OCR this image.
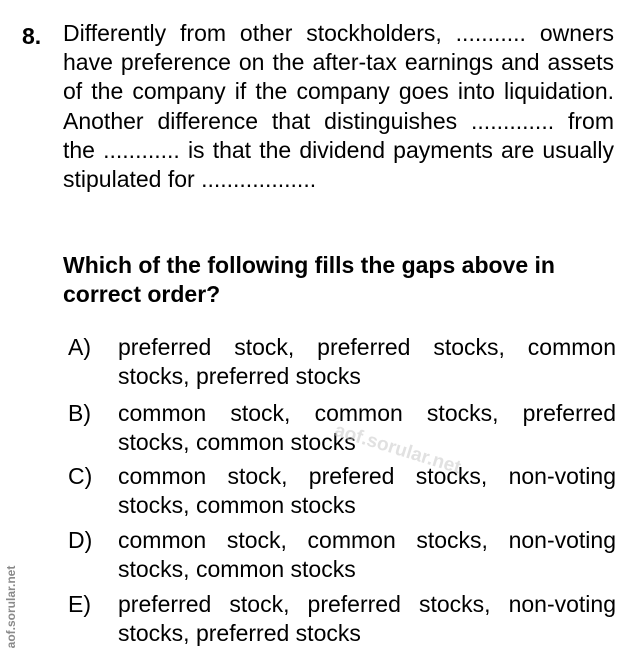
8. Differently from other stockholders, ........... owners have preference on the after-tax earnings and assets of the company if the company goes into liquidation. Another difference that distinguishes ............. from the ............ is that the dividend payments are usually stipulated for ..................

Which of the following fills the gaps above in correct order?

A)	preferred stock, preferred stocks, common stocks, preferred stocks

B)	common stock, common stocks, preferred stocks, common stocks

C)	common stock, prefered stocks, non-voting stocks, common stocks

D)	common stock, common stocks, non-voting stocks, common stocks

E)	preferred stock, preferred stocks, non-voting stocks, preferred stocks

aof.sorular.net
aof.sorular.net
